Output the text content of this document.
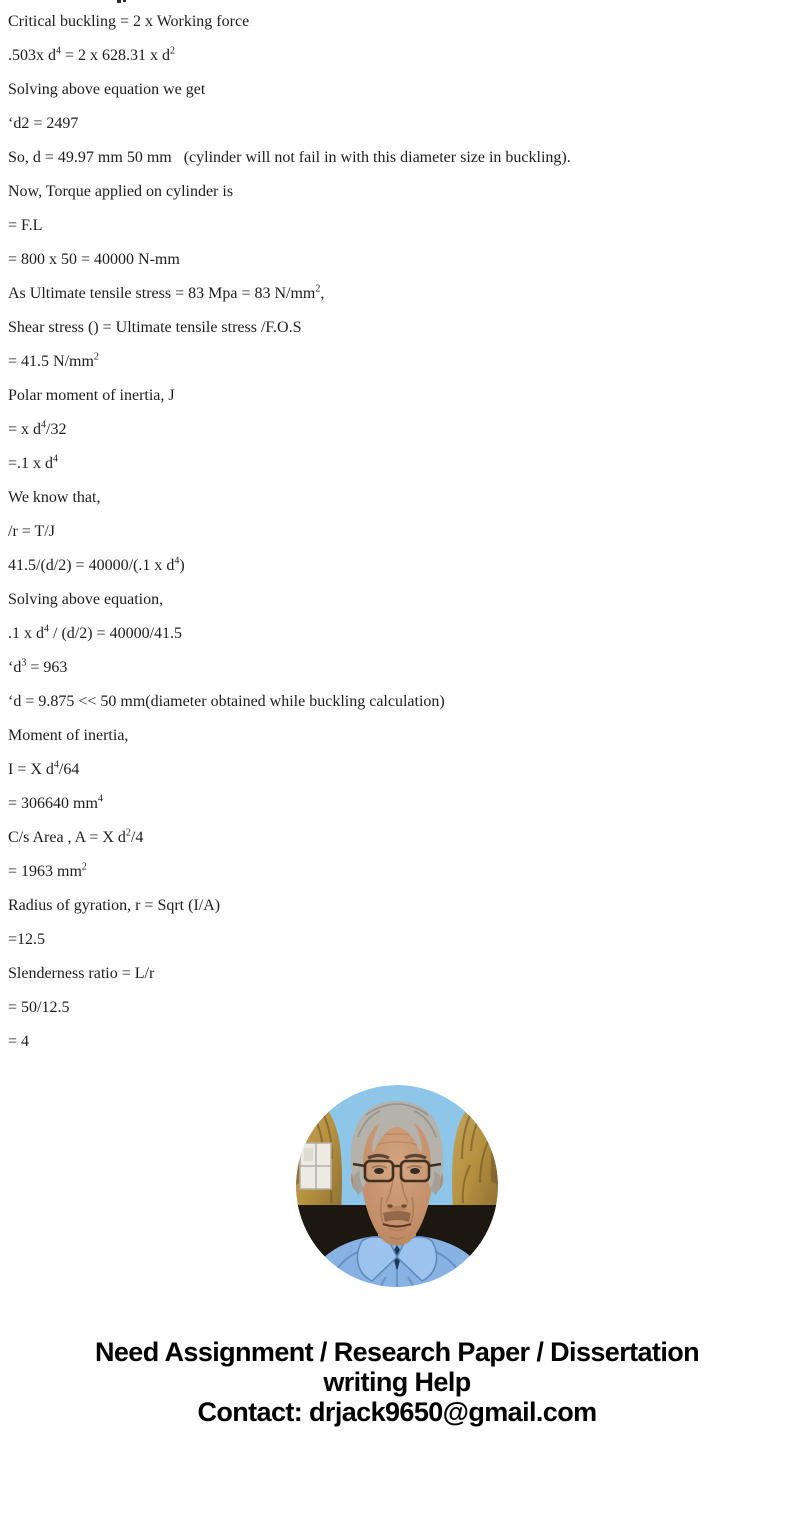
Critical buckling = 2 x Working force

.503x $d^4 = 2$ x 628.31 x $d^2$

Solving above equation we get

‘d2 = 2497

So, d = 49.97 mm 50 mm   (cylinder will not fail in with this diameter size in buckling).

Now, Torque applied on cylinder is

= F.L

= 800 x 50 = 40000 N-mm

As Ultimate tensile stress = 83 Mpa = 83 $N/mm^2$,

Shear stress () = Ultimate tensile stress /F.O.S

= 41.5 $N/mm^2$

Polar moment of inertia, J

= x $d^4/32$

=.1 x $d^4$

We know that,

/r = T/J

41.5/(d/2) = 40000/(.1 x $d^4$)

Solving above equation,

.1 x $d^4 / (d/2) = 40000/41.5$

‘$d^3 = 963$

‘d = 9.875 << 50 mm(diameter obtained while buckling calculation)

Moment of inertia,

I = X $d^4/64$

= 306640 $mm^4$

C/s Area , A = X $d^2/4$

= 1963 $mm^2$

Radius of gyration, r = Sqrt (I/A)

=12.5

Slenderness ratio = L/r

= 50/12.5

= 4

Need Assignment / Research Paper / Dissertation
writing Help
Contact: drjack9650@gmail.com
